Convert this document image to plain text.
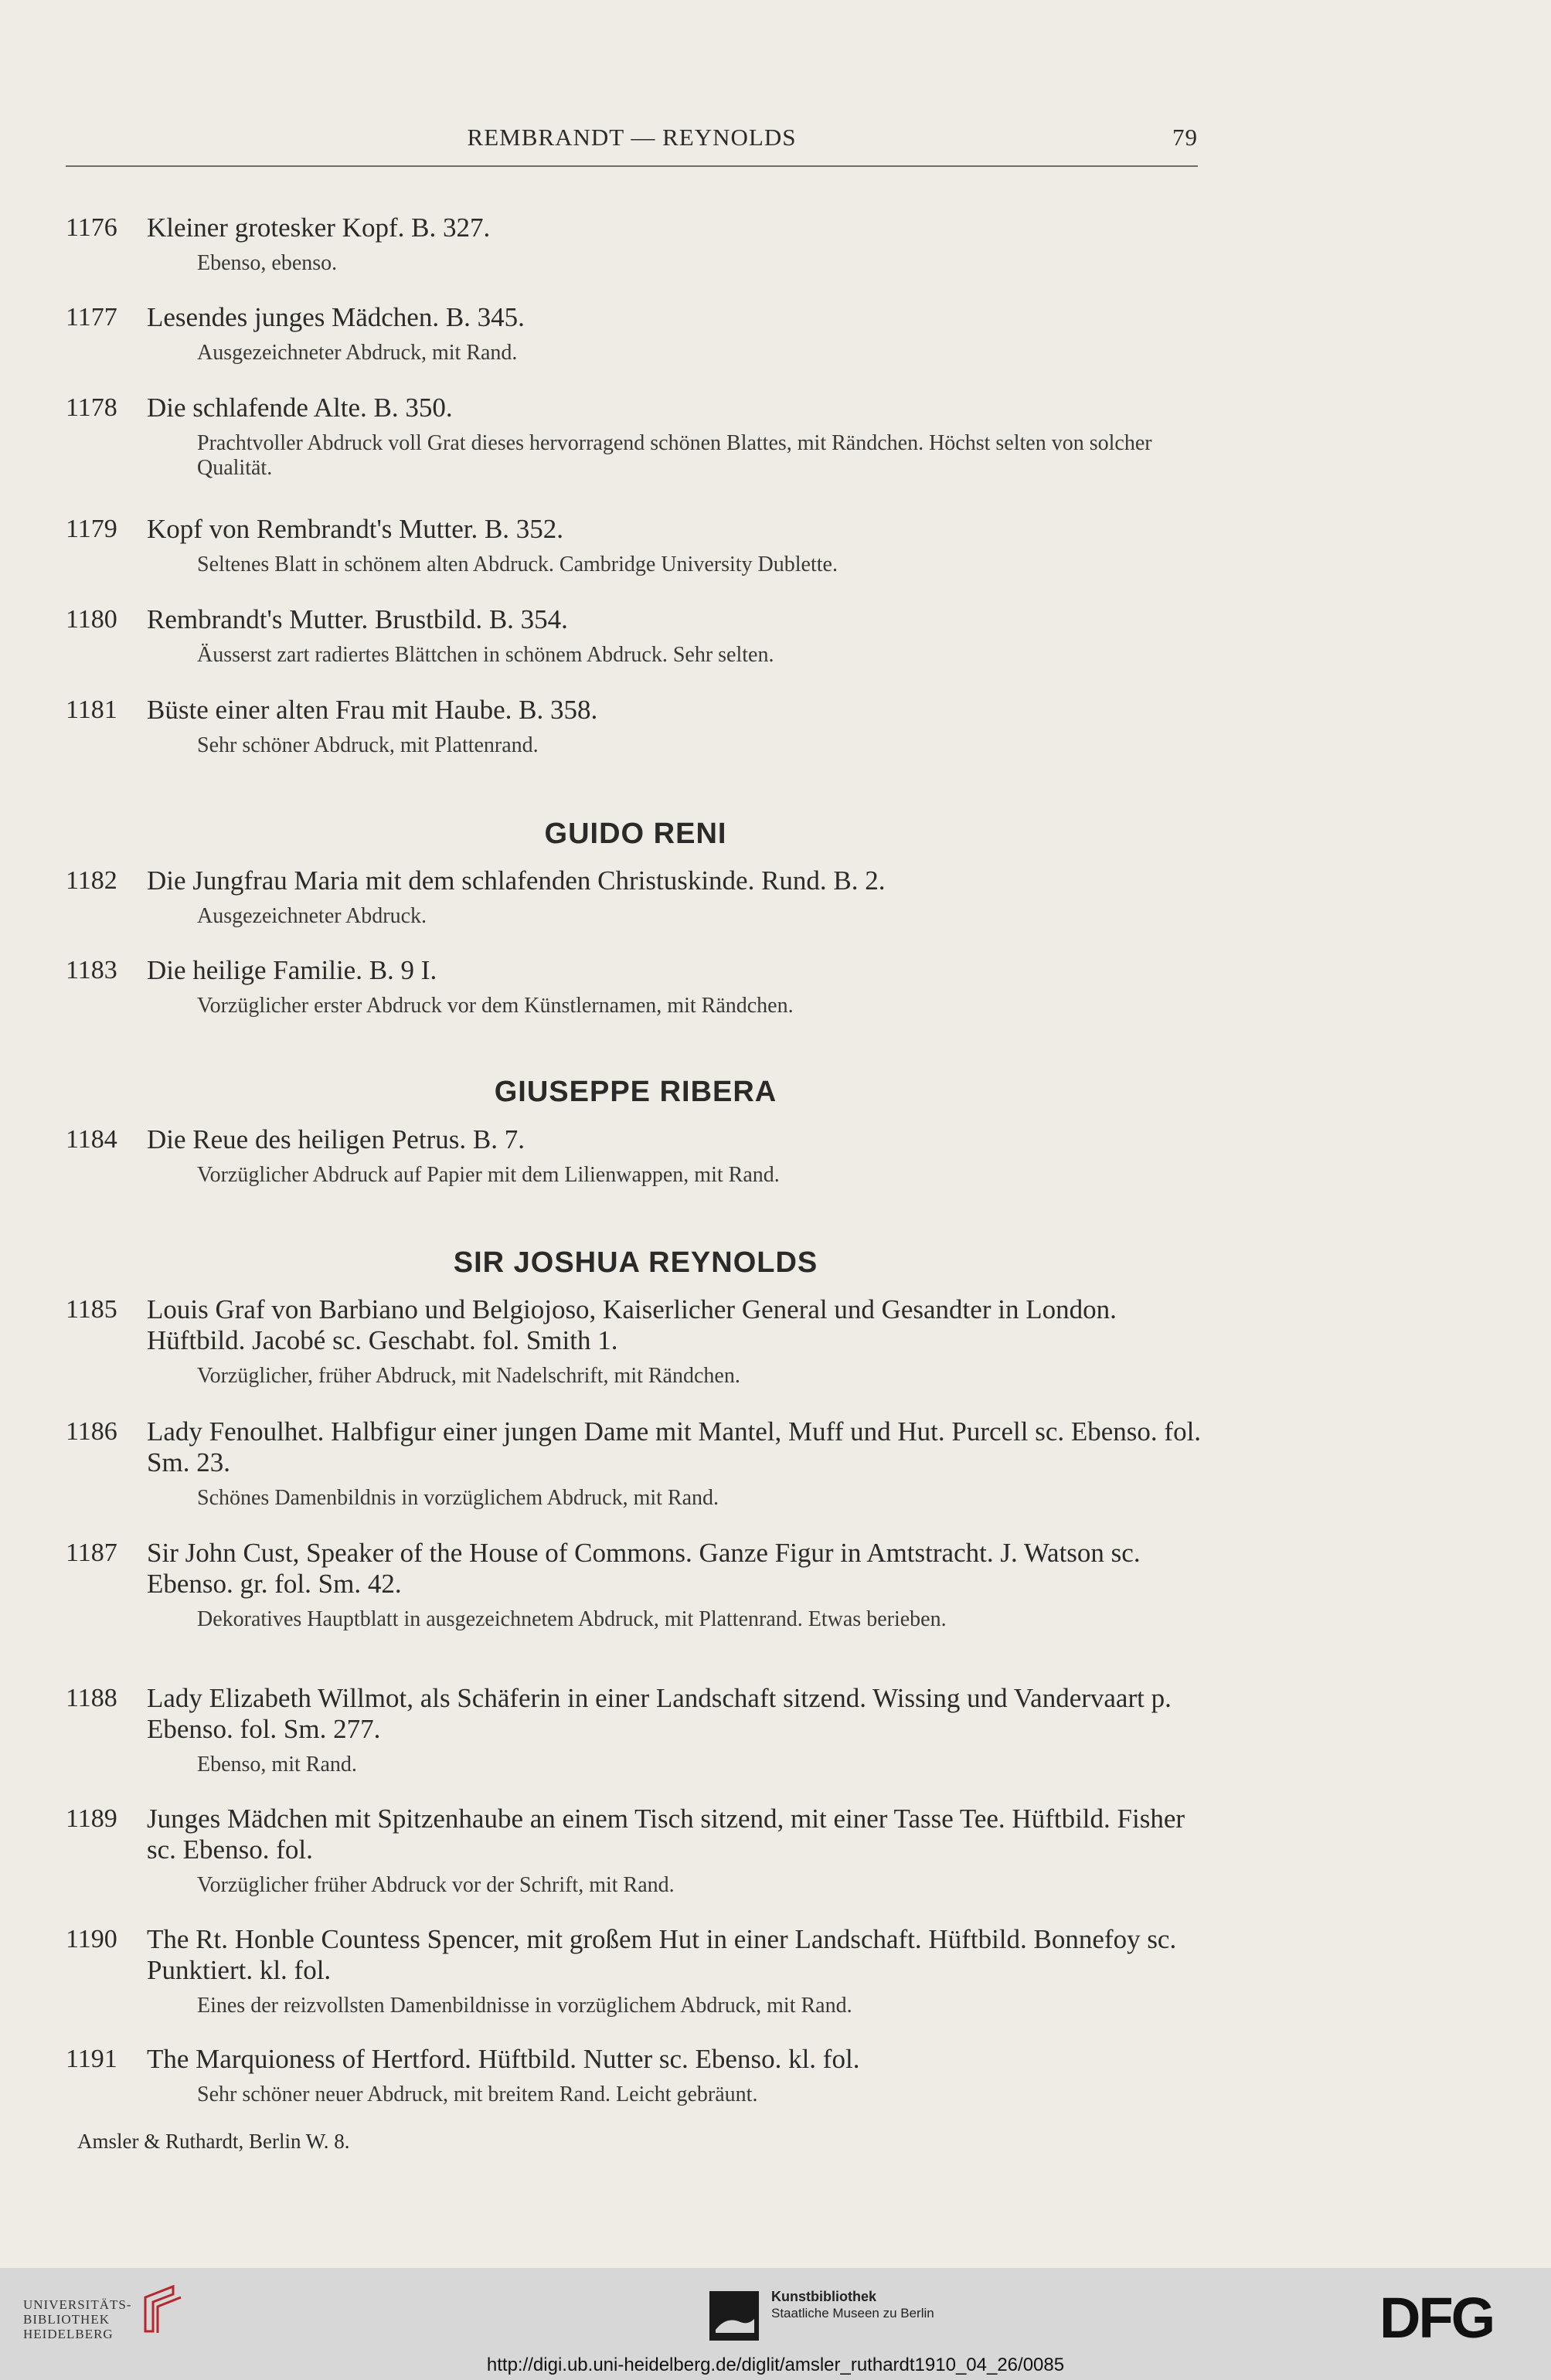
REMBRANDT — REYNOLDS	79
1176	Kleiner grotesker Kopf. B. 327.
Ebenso, ebenso.
1177	Lesendes junges Mädchen. B. 345.
Ausgezeichneter Abdruck, mit Rand.
1178	Die schlafende Alte. B. 350.
Prachtvoller Abdruck voll Grat dieses hervorragend schönen Blattes, mit Rändchen. Höchst selten von solcher Qualität.
1179	Kopf von Rembrandt's Mutter. B. 352.
Seltenes Blatt in schönem alten Abdruck. Cambridge University Dublette.
1180	Rembrandt's Mutter. Brustbild. B. 354.
Äusserst zart radiertes Blättchen in schönem Abdruck. Sehr selten.
1181	Büste einer alten Frau mit Haube. B. 358.
Sehr schöner Abdruck, mit Plattenrand.
GUIDO RENI
1182	Die Jungfrau Maria mit dem schlafenden Christuskinde. Rund. B. 2.
Ausgezeichneter Abdruck.
1183	Die heilige Familie. B. 9 I.
Vorzüglicher erster Abdruck vor dem Künstlernamen, mit Rändchen.
GIUSEPPE RIBERA
1184	Die Reue des heiligen Petrus. B. 7.
Vorzüglicher Abdruck auf Papier mit dem Lilienwappen, mit Rand.
SIR JOSHUA REYNOLDS
1185	Louis Graf von Barbiano und Belgiojoso, Kaiserlicher General und Gesandter in London. Hüftbild. Jacobé sc. Geschabt. fol. Smith 1.
Vorzüglicher, früher Abdruck, mit Nadelschrift, mit Rändchen.
1186	Lady Fenoulhet. Halbfigur einer jungen Dame mit Mantel, Muff und Hut. Purcell sc. Ebenso. fol. Sm. 23.
Schönes Damenbildnis in vorzüglichem Abdruck, mit Rand.
1187	Sir John Cust, Speaker of the House of Commons. Ganze Figur in Amtstracht. J. Watson sc. Ebenso. gr. fol. Sm. 42.
Dekoratives Hauptblatt in ausgezeichnetem Abdruck, mit Plattenrand. Etwas berieben.
1188	Lady Elizabeth Willmot, als Schäferin in einer Landschaft sitzend. Wissing und Vandervaart p. Ebenso. fol. Sm. 277.
Ebenso, mit Rand.
1189	Junges Mädchen mit Spitzenhaube an einem Tisch sitzend, mit einer Tasse Tee. Hüftbild. Fisher sc. Ebenso. fol.
Vorzüglicher früher Abdruck vor der Schrift, mit Rand.
1190	The Rt. Honble Countess Spencer, mit großem Hut in einer Landschaft. Hüftbild. Bonnefoy sc. Punktiert. kl. fol.
Eines der reizvollsten Damenbildnisse in vorzüglichem Abdruck, mit Rand.
1191	The Marquioness of Hertford. Hüftbild. Nutter sc. Ebenso. kl. fol.
Sehr schöner neuer Abdruck, mit breitem Rand. Leicht gebräunt.
Amsler & Ruthardt, Berlin W. 8.
UNIVERSITÄTS-
BIBLIOTHEK
HEIDELBERG
Kunstbibliothek
Staatliche Museen zu Berlin	DFG
http://digi.ub.uni-heidelberg.de/diglit/amsler_ruthardt1910_04_26/0085
